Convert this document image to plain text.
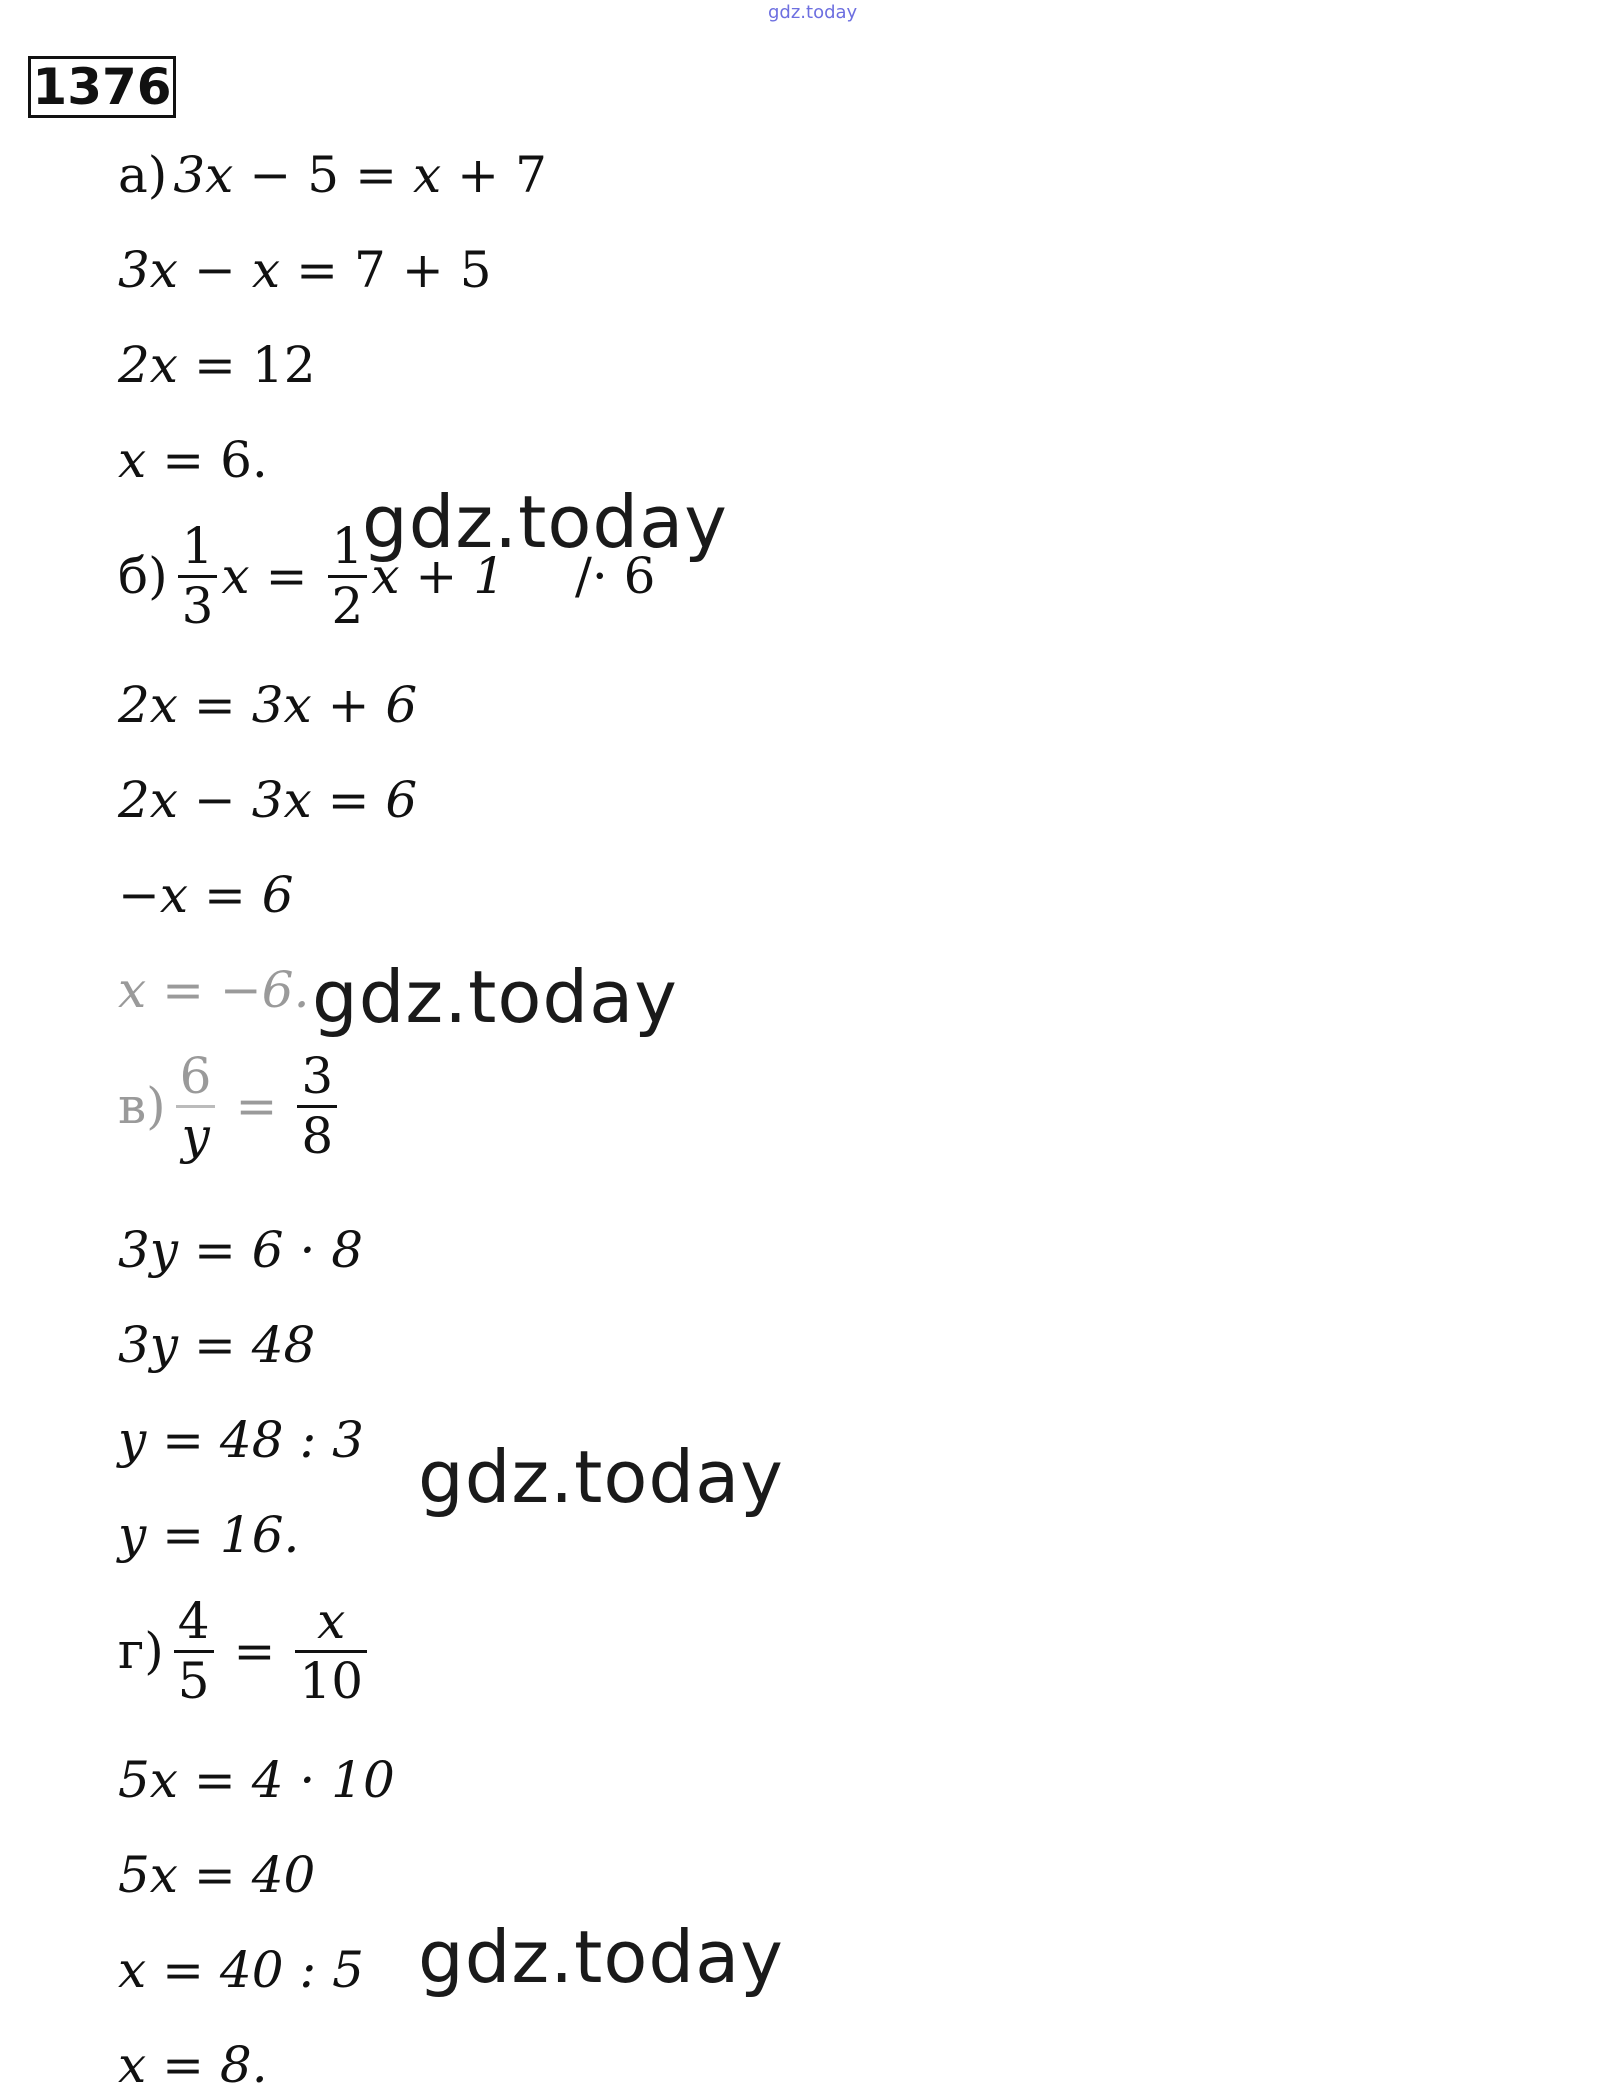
gdz.today
1376
а) 3x − 5 = x + 7
3x − x = 7 + 5
2x = 12
x = 6.
$б) \frac{1}{3}$ $x = \frac{1}{2}$ x + 1 /· 6
2x = 3x + 6
2x − 3x = 6
−x = 6
x = −6.
$в) \frac{6}{y} = \frac{3}{8}$
3y = 6 · 8
3y = 48
y = 48 : 3
y = 16.
$г) \frac{4}{5} = \frac{x}{10}$
5x = 4 · 10
5x = 40
x = 40 : 5
x = 8.
gdz.today
gdz.today
gdz.today
gdz.today
